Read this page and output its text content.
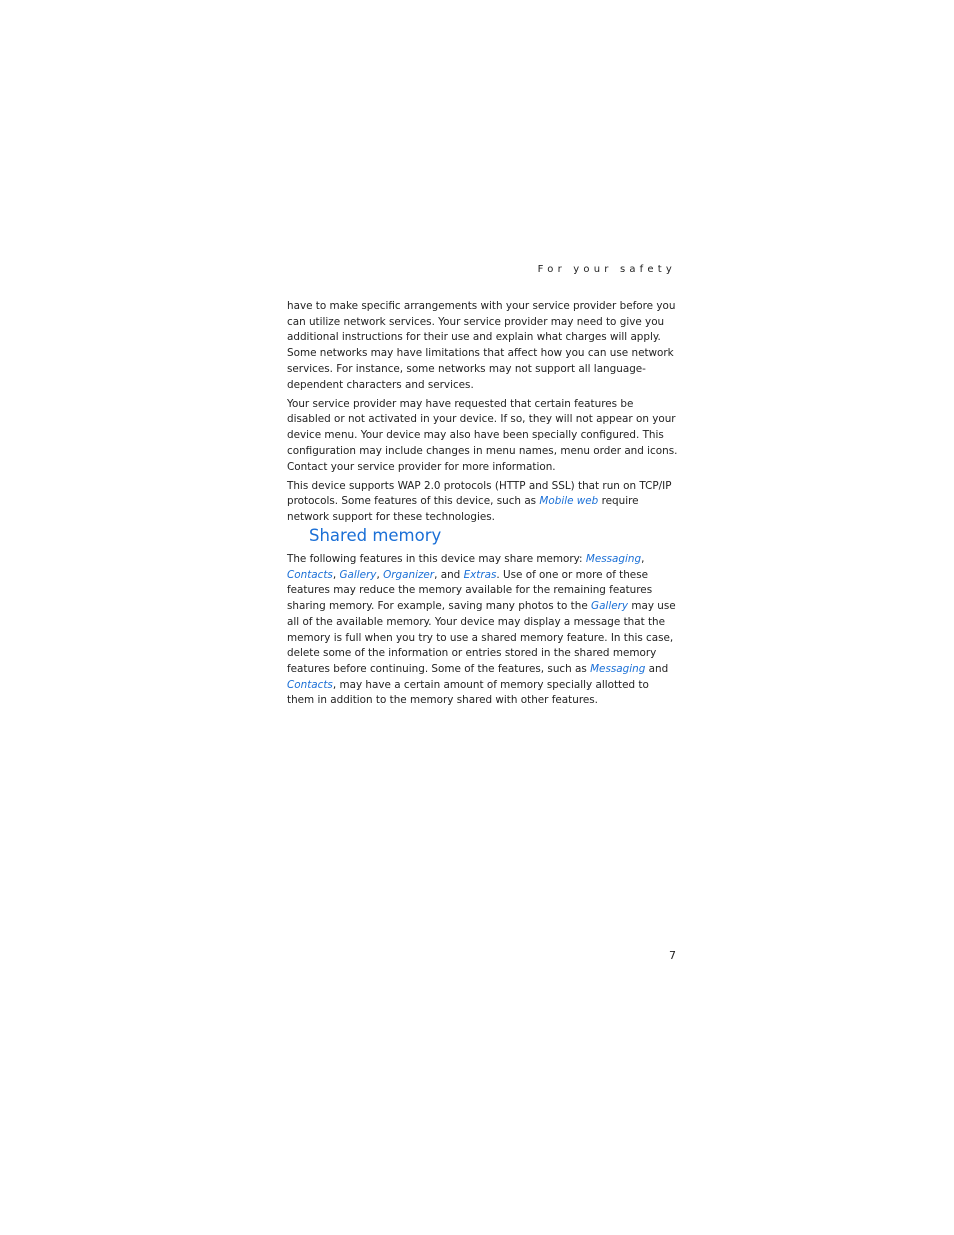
For your safety

have to make specific arrangements with your service provider before you can utilize network services. Your service provider may need to give you additional instructions for their use and explain what charges will apply. Some networks may have limitations that affect how you can use network services. For instance, some networks may not support all language-dependent characters and services.

Your service provider may have requested that certain features be disabled or not activated in your device. If so, they will not appear on your device menu. Your device may also have been specially configured. This configuration may include changes in menu names, menu order and icons. Contact your service provider for more information.

This device supports WAP 2.0 protocols (HTTP and SSL) that run on TCP/IP protocols. Some features of this device, such as Mobile web require network support for these technologies.

Shared memory

The following features in this device may share memory: Messaging, Contacts, Gallery, Organizer, and Extras. Use of one or more of these features may reduce the memory available for the remaining features sharing memory. For example, saving many photos to the Gallery may use all of the available memory. Your device may display a message that the memory is full when you try to use a shared memory feature. In this case, delete some of the information or entries stored in the shared memory features before continuing. Some of the features, such as Messaging and Contacts, may have a certain amount of memory specially allotted to them in addition to the memory shared with other features.

7
